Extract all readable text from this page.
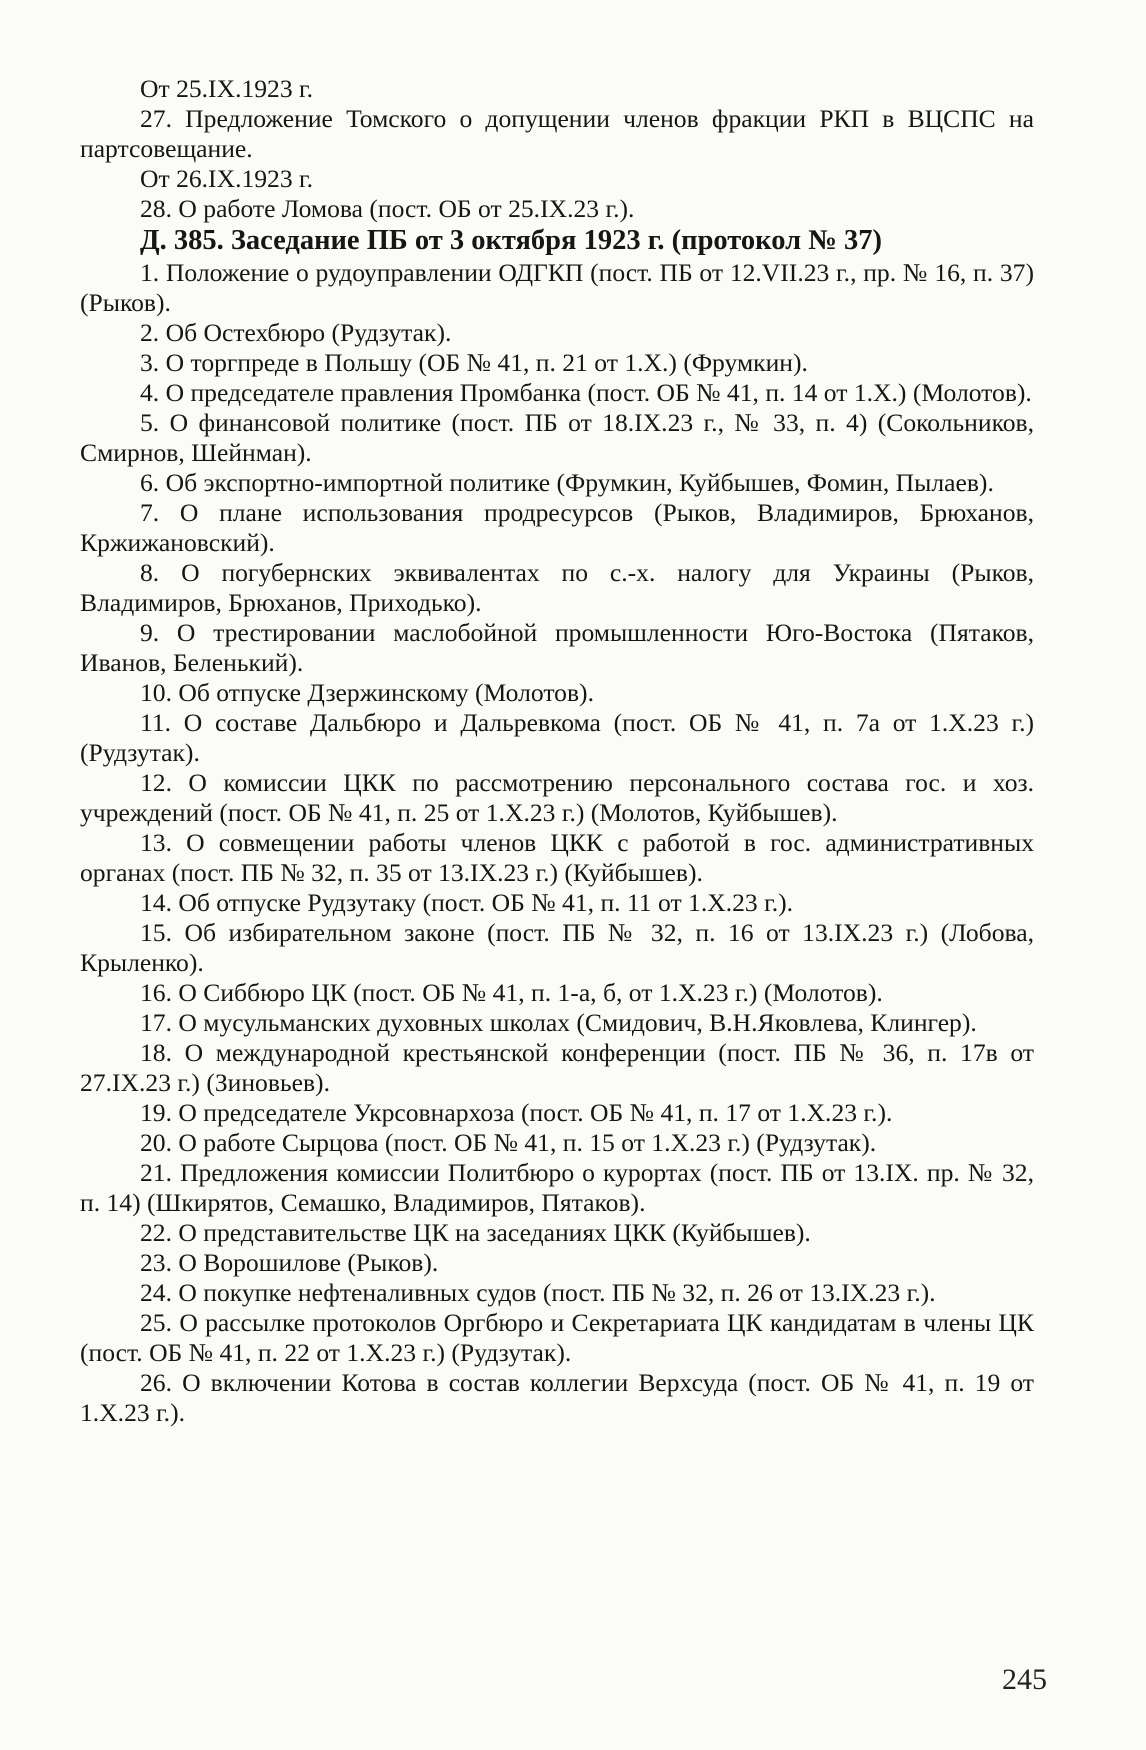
От 25.IX.1923 г.

27. Предложение Томского о допущении членов фракции РКП в ВЦСПС на партсовещание.

От 26.IX.1923 г.

28. О работе Ломова (пост. ОБ от 25.IX.23 г.).

Д. 385. Заседание ПБ от 3 октября 1923 г. (протокол № 37)

1. Положение о рудоуправлении ОДГКП (пост. ПБ от 12.VII.23 г., пр. № 16, п. 37) (Рыков).

2. Об Остехбюро (Рудзутак).

3. О торгпреде в Польшу (ОБ № 41, п. 21 от 1.X.) (Фрумкин).

4. О председателе правления Промбанка (пост. ОБ № 41, п. 14 от 1.X.) (Молотов).

5. О финансовой политике (пост. ПБ от 18.IX.23 г., № 33, п. 4) (Сокольников, Смирнов, Шейнман).

6. Об экспортно-импортной политике (Фрумкин, Куйбышев, Фомин, Пылаев).

7. О плане использования продресурсов (Рыков, Владимиров, Брюханов, Кржижановский).

8. О погубернских эквивалентах по с.-х. налогу для Украины (Рыков, Владимиров, Брюханов, Приходько).

9. О трестировании маслобойной промышленности Юго-Востока (Пятаков, Иванов, Беленький).

10. Об отпуске Дзержинскому (Молотов).

11. О составе Дальбюро и Дальревкома (пост. ОБ № 41, п. 7а от 1.X.23 г.) (Рудзутак).

12. О комиссии ЦКК по рассмотрению персонального состава гос. и хоз. учреждений (пост. ОБ № 41, п. 25 от 1.X.23 г.) (Молотов, Куйбышев).

13. О совмещении работы членов ЦКК с работой в гос. административных органах (пост. ПБ № 32, п. 35 от 13.IX.23 г.) (Куйбышев).

14. Об отпуске Рудзутаку (пост. ОБ № 41, п. 11 от 1.X.23 г.).

15. Об избирательном законе (пост. ПБ № 32, п. 16 от 13.IX.23 г.) (Лобова, Крыленко).

16. О Сиббюро ЦК (пост. ОБ № 41, п. 1-а, б, от 1.X.23 г.) (Молотов).

17. О мусульманских духовных школах (Смидович, В.Н.Яковлева, Клингер).

18. О международной крестьянской конференции (пост. ПБ № 36, п. 17в от 27.IX.23 г.) (Зиновьев).

19. О председателе Укрсовнархоза (пост. ОБ № 41, п. 17 от 1.X.23 г.).

20. О работе Сырцова (пост. ОБ № 41, п. 15 от 1.X.23 г.) (Рудзутак).

21. Предложения комиссии Политбюро о курортах (пост. ПБ от 13.IX. пр. № 32, п. 14) (Шкирятов, Семашко, Владимиров, Пятаков).

22. О представительстве ЦК на заседаниях ЦКК (Куйбышев).

23. О Ворошилове (Рыков).

24. О покупке нефтеналивных судов (пост. ПБ № 32, п. 26 от 13.IX.23 г.).

25. О рассылке протоколов Оргбюро и Секретариата ЦК кандидатам в члены ЦК (пост. ОБ № 41, п. 22 от 1.X.23 г.) (Рудзутак).

26. О включении Котова в состав коллегии Верхсуда (пост. ОБ № 41, п. 19 от 1.X.23 г.).

245
